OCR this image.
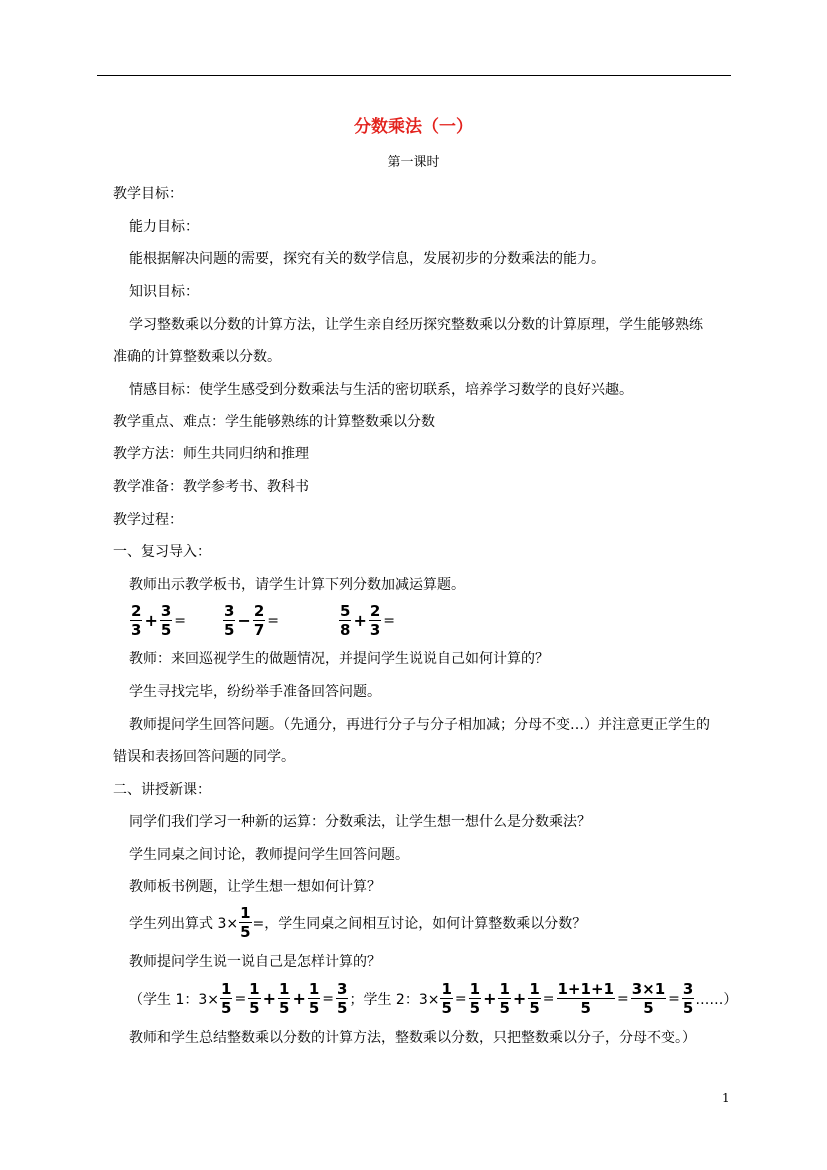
分数乘法（一）
第一课时
教学目标：
能力目标：
能根据解决问题的需要，探究有关的数学信息，发展初步的分数乘法的能力。
知识目标：
学习整数乘以分数的计算方法，让学生亲自经历探究整数乘以分数的计算原理，学生能够熟练
准确的计算整数乘以分数。
情感目标：使学生感受到分数乘法与生活的密切联系，培养学习数学的良好兴趣。
教学重点、难点：学生能够熟练的计算整数乘以分数
教学方法：师生共同归纳和推理
教学准备：教学参考书、教科书
教学过程：
一、复习导入：
教师出示教学板书，请学生计算下列分数加减运算题。
$\frac{2}{3} + \frac{3}{5} = \frac{3}{5} - \frac{2}{7}$ =	$\frac{5}{8} + \frac{2}{3}$ =
教师：来回巡视学生的做题情况，并提问学生说说自己如何计算的？
学生寻找完毕，纷纷举手准备回答问题。
教师提问学生回答问题。（先通分，再进行分子与分子相加减；分母不变…）并注意更正学生的
错误和表扬回答问题的同学。
二、讲授新课：
同学们我们学习一种新的运算：分数乘法，让学生想一想什么是分数乘法？
学生同桌之间讨论，教师提问学生回答问题。
教师板书例题，让学生想一想如何计算？
学生列出算式 $3\times \frac{1}{5}$ =，学生同桌之间相互讨论，如何计算整数乘以分数？
教师提问学生说一说自己是怎样计算的？
（学生 1：$3\times \frac{1}{5} = \frac{1}{5} + \frac{1}{5} + \frac{1}{5} = \frac{3}{5}$ ；学生 2：$3\times \frac{1}{5} = \frac{1}{5} + \frac{1}{5} + \frac{1}{5} = \frac{1+1+1}{5} = \frac{3\times 1}{5} = \frac{3}{5}$ ……）
教师和学生总结整数乘以分数的计算方法，整数乘以分数，只把整数乘以分子，分母不变。）
1
